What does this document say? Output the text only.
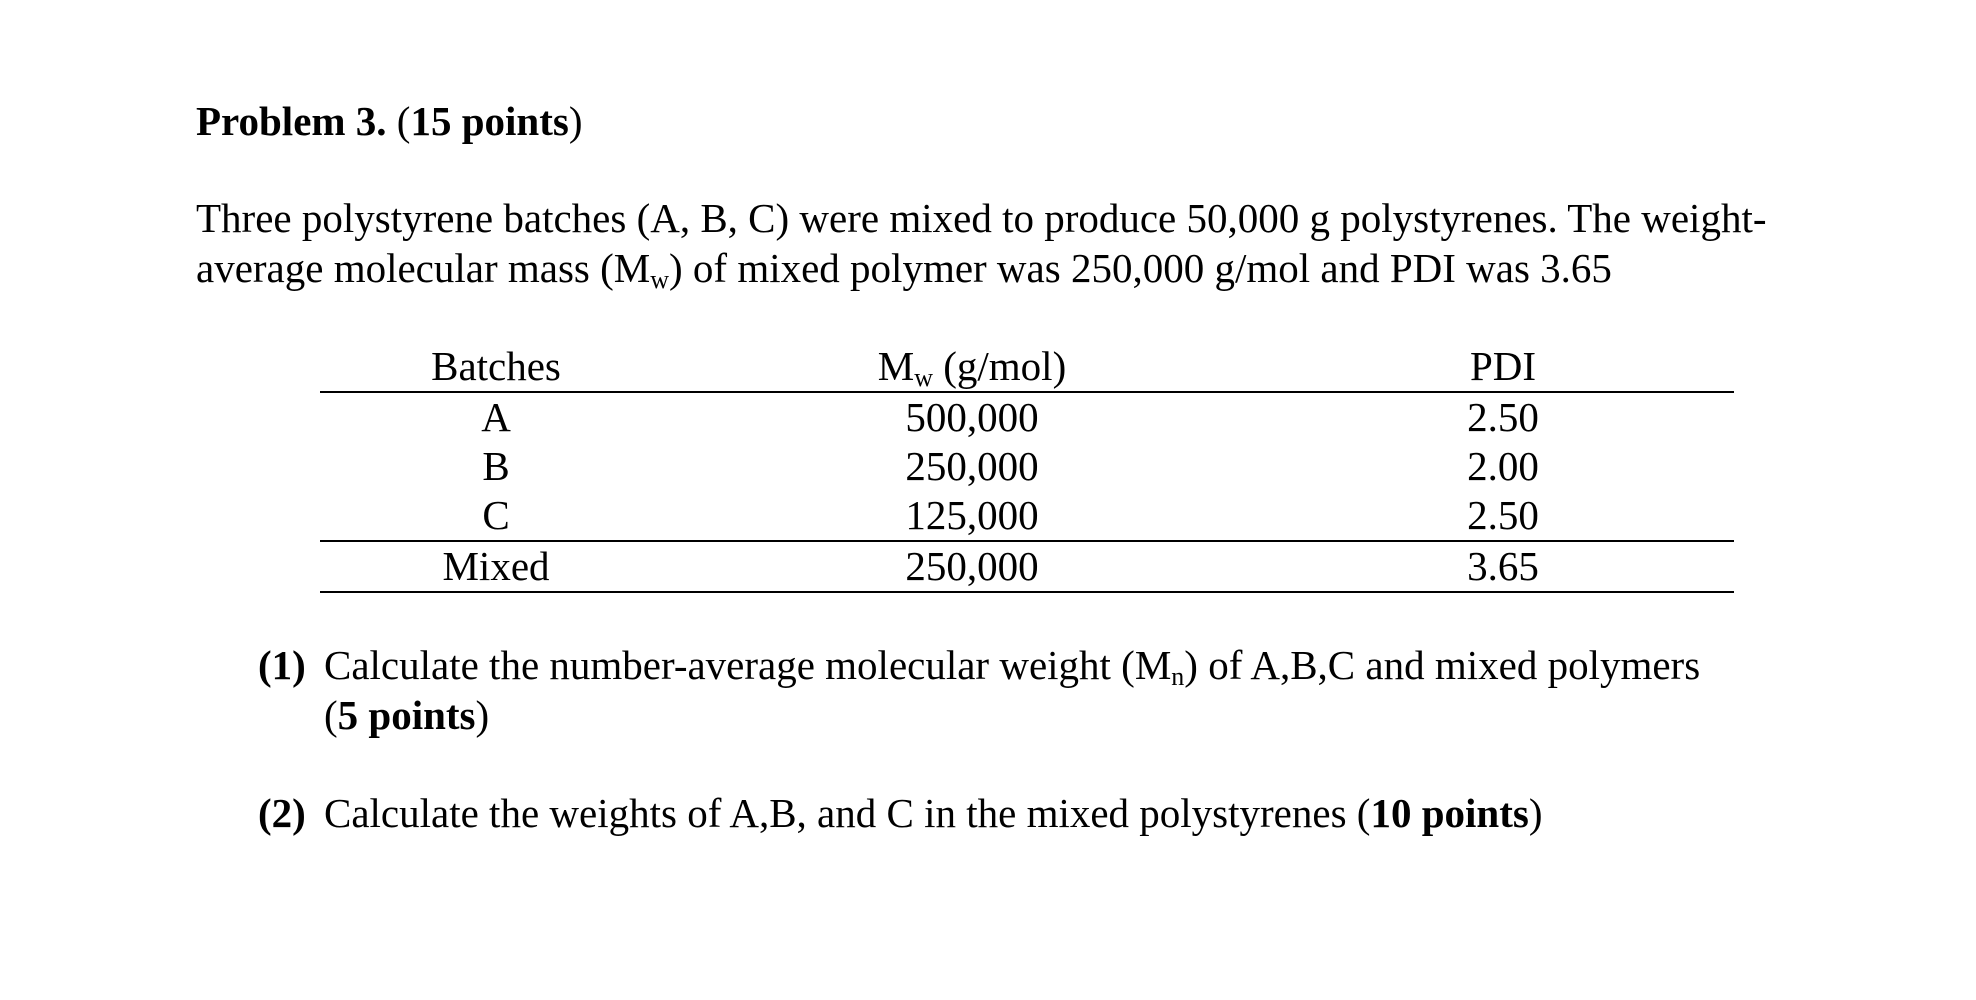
Problem 3. (15 points)
Three polystyrene batches (A, B, C) were mixed to produce 50,000 g polystyrenes. The weight-
average molecular mass $(M_w)$ of mixed polymer was 250,000 g/mol and PDI was 3.65
Batches	$M_w$ (g/mol)	PDI
A	500,000	2.50
B	250,000	2.00
C	125,000	2.50
Mixed	250,000	3.65
(1) Calculate the number-average molecular weight $(M_n)$ of A,B,C and mixed polymers
(5 points)
(2) Calculate the weights of A,B, and C in the mixed polystyrenes (10 points)
